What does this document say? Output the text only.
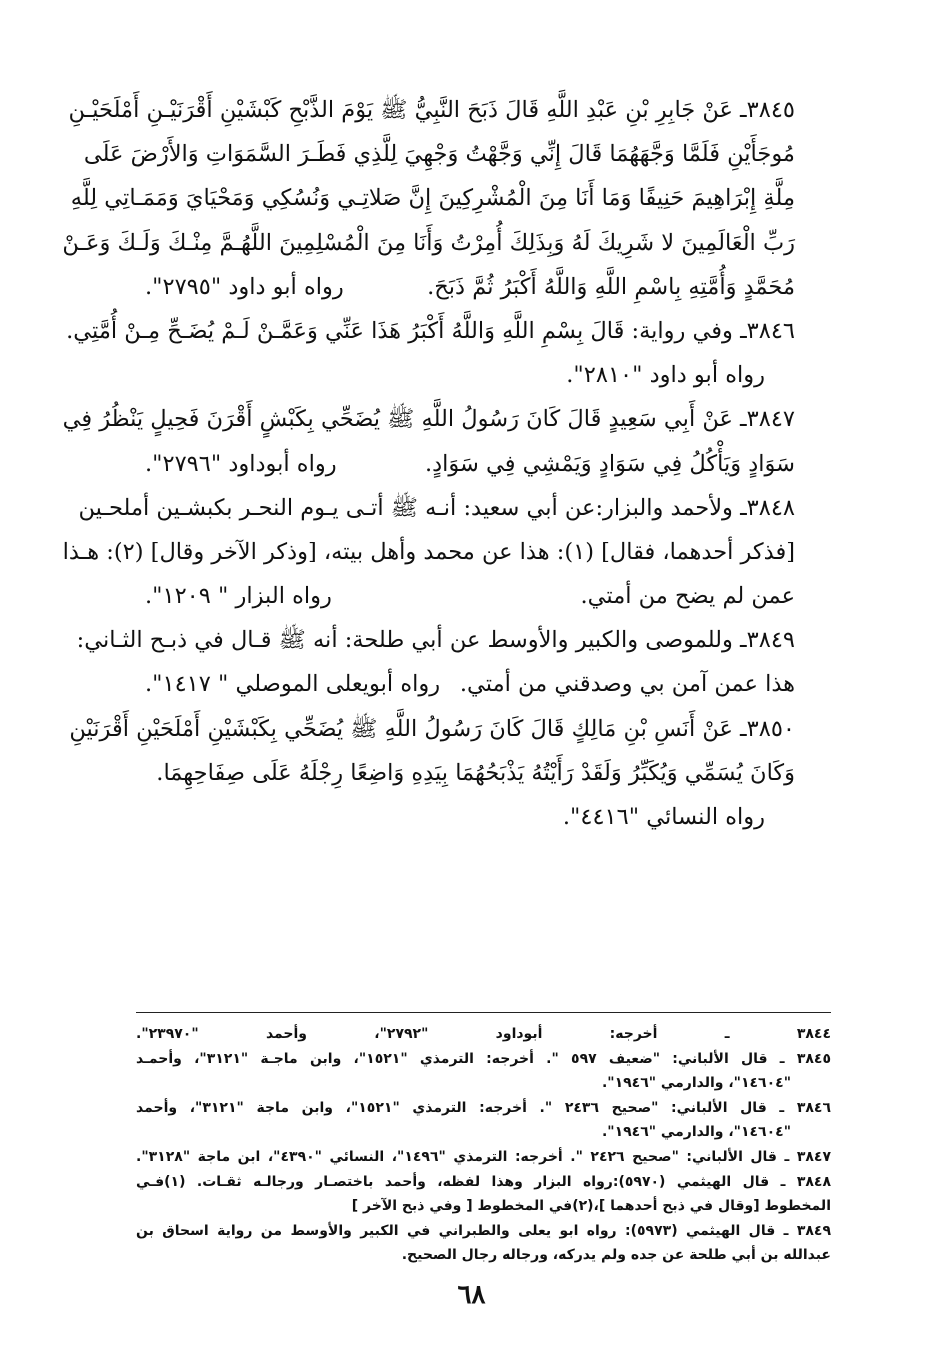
٣٨٤٥ـ عَنْ جَابِرِ بْنِ عَبْدِ اللَّهِ قَالَ ذَبَحَ النَّبِيُّ ﷺ يَوْمَ الذَّبْحِ كَبْشَيْنِ أَقْرَنَيْـنِ أَمْلَحَيْـنِ
مُوجَأَيْنِ فَلَمَّا وَجَّهَهُمَا قَالَ إِنِّي وَجَّهْتُ وَجْهِيَ لِلَّذِي فَطَـرَ السَّمَوَاتِ وَالأَرْضَ عَلَى
مِلَّةِ إِبْرَاهِيمَ حَنِيفًا وَمَا أَنَا مِنَ الْمُشْرِكِينَ إِنَّ صَلاتِـي وَنُسُكِي وَمَحْيَايَ وَمَمَـاتِي لِلَّهِ
رَبِّ الْعَالَمِينَ لا شَرِيكَ لَهُ وَبِذَلِكَ أُمِرْتُ وَأَنَا مِنَ الْمُسْلِمِينَ اللَّهُـمَّ مِنْـكَ وَلَـكَ وَعَـنْ
مُحَمَّدٍ وَأُمَّتِهِ بِاسْمِ اللَّهِ وَاللَّهُ أَكْبَرُ ثُمَّ ذَبَحَ.
رواه أبو داود "٢٧٩٥".
٣٨٤٦ـ وفي رواية: قَالَ بِسْمِ اللَّهِ وَاللَّهُ أَكْبَرُ هَذَا عَنِّي وَعَمَّـنْ لَـمْ يُضَـحِّ مِـنْ أُمَّتِي.
رواه أبو داود "٢٨١٠".
٣٨٤٧ـ عَنْ أَبِي سَعِيدٍ قَالَ كَانَ رَسُولُ اللَّهِ ﷺ يُضَحِّي بِكَبْشٍ أَقْرَنَ فَحِيلٍ يَنْظُرُ فِي
سَوَادٍ وَيَأْكُلُ فِي سَوَادٍ وَيَمْشِي فِي سَوَادٍ.
رواه أبوداود "٢٧٩٦".
٣٨٤٨ـ ولأحمد والبزار:عن أبي سعيد: أنـه ﷺ أتـى يـوم النحـر بكبشـين أملحـين
[فذكر أحدهما، فقال] (١): هذا عن محمد وأهل بيته، [وذكر الآخر وقال] (٢): هـذا
عمن لم يضح من أمتي.
رواه البزار " ١٢٠٩".
٣٨٤٩ـ وللموصى والكبير والأوسط عن أبي طلحة: أنه ﷺ قـال في ذبـح الثـاني:
هذا عمن آمن بي وصدقني من أمتي.
رواه أبويعلى الموصلي " ١٤١٧".
٣٨٥٠ـ عَنْ أَنَسِ بْنِ مَالِكٍ قَالَ كَانَ رَسُولُ اللَّهِ ﷺ يُضَحِّي بِكَبْشَيْنِ أَمْلَحَيْنِ أَقْرَنَيْنِ
وَكَانَ يُسَمِّي وَيُكَبِّرُ وَلَقَدْ رَأَيْتُهُ يَذْبَحُهُمَا بِيَدِهِ وَاضِعًا رِجْلَهُ عَلَى صِفَاحِهِمَا.
رواه النسائي "٤٤١٦".
٣٨٤٤ ـ أخرجه: أبوداود "٢٧٩٢"، وأحمد "٢٣٩٧٠".
٣٨٤٥ ـ قال الألباني: "ضعيف ٥٩٧ ". أخرجه: الترمذي "١٥٢١"، وابن ماجـة "٣١٢١"، وأحمـد
"١٤٦٠٤"، والدارمي "١٩٤٦".
٣٨٤٦ ـ قال الألباني: "صحيح ٢٤٣٦ ". أخرجه: الترمذي "١٥٢١"، وابن ماجة "٣١٢١"، وأحمد
"١٤٦٠٤"، والدارمي "١٩٤٦".
٣٨٤٧ ـ قال الألباني: "صحيح ٢٤٢٦ ". أخرجه: الترمذي "١٤٩٦"، النسائي "٤٣٩٠"، ابن ماجة "٣١٢٨".
٣٨٤٨ ـ قال الهيثمي (٥٩٧٠):رواه البزار وهذا لفظه، وأحمد باختصـار ورجالـه ثقـات. (١)فـي
المخطوط [وقال في ذبح أحدهما ]،(٢)في المخطوط [ وفي ذبح الآخر ]
٣٨٤٩ ـ قال الهيثمي (٥٩٧٣): رواه ابو يعلى والطبراني في الكبير والأوسط من رواية اسحاق بن
عبدالله بن أبي طلحة عن جده ولم يدركه، ورجاله رجال الصحيح.
٦٨
